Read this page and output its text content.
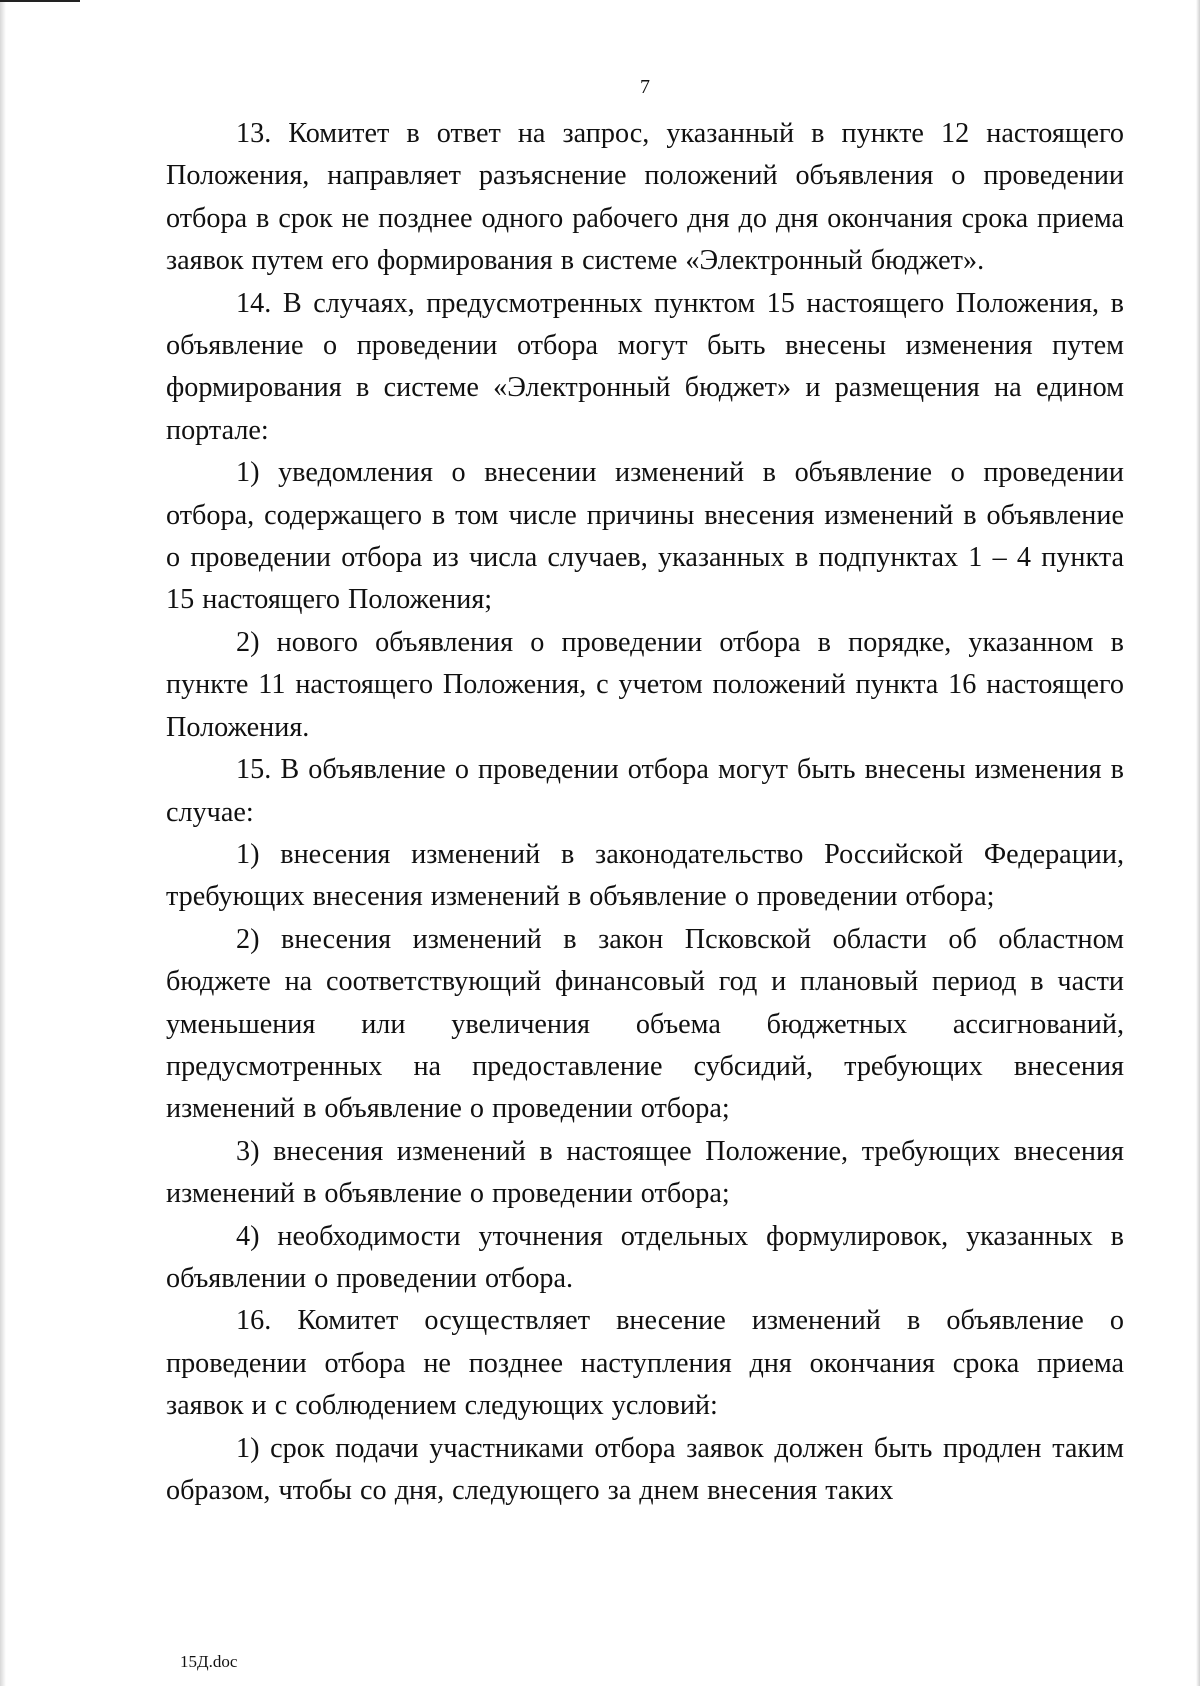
7

13. Комитет в ответ на запрос, указанный в пункте 12 настоящего Положения, направляет разъяснение положений объявления о проведении отбора в срок не позднее одного рабочего дня до дня окончания срока приема заявок путем его формирования в системе «Электронный бюджет».

14. В случаях, предусмотренных пунктом 15 настоящего Положения, в объявление о проведении отбора могут быть внесены изменения путем формирования в системе «Электронный бюджет» и размещения на едином портале:

1) уведомления о внесении изменений в объявление о проведении отбора, содержащего в том числе причины внесения изменений в объявление о проведении отбора из числа случаев, указанных в подпунктах 1 – 4 пункта 15 настоящего Положения;

2) нового объявления о проведении отбора в порядке, указанном в пункте 11 настоящего Положения, с учетом положений пункта 16 настоящего Положения.

15. В объявление о проведении отбора могут быть внесены изменения в случае:

1) внесения изменений в законодательство Российской Федерации, требующих внесения изменений в объявление о проведении отбора;

2) внесения изменений в закон Псковской области об областном бюджете на соответствующий финансовый год и плановый период в части уменьшения или увеличения объема бюджетных ассигнований, предусмотренных на предоставление субсидий, требующих внесения изменений в объявление о проведении отбора;

3) внесения изменений в настоящее Положение, требующих внесения изменений в объявление о проведении отбора;

4) необходимости уточнения отдельных формулировок, указанных в объявлении о проведении отбора.

16. Комитет осуществляет внесение изменений в объявление о проведении отбора не позднее наступления дня окончания срока приема заявок и с соблюдением следующих условий:

1) срок подачи участниками отбора заявок должен быть продлен таким образом, чтобы со дня, следующего за днем внесения таких

15Д.doc
